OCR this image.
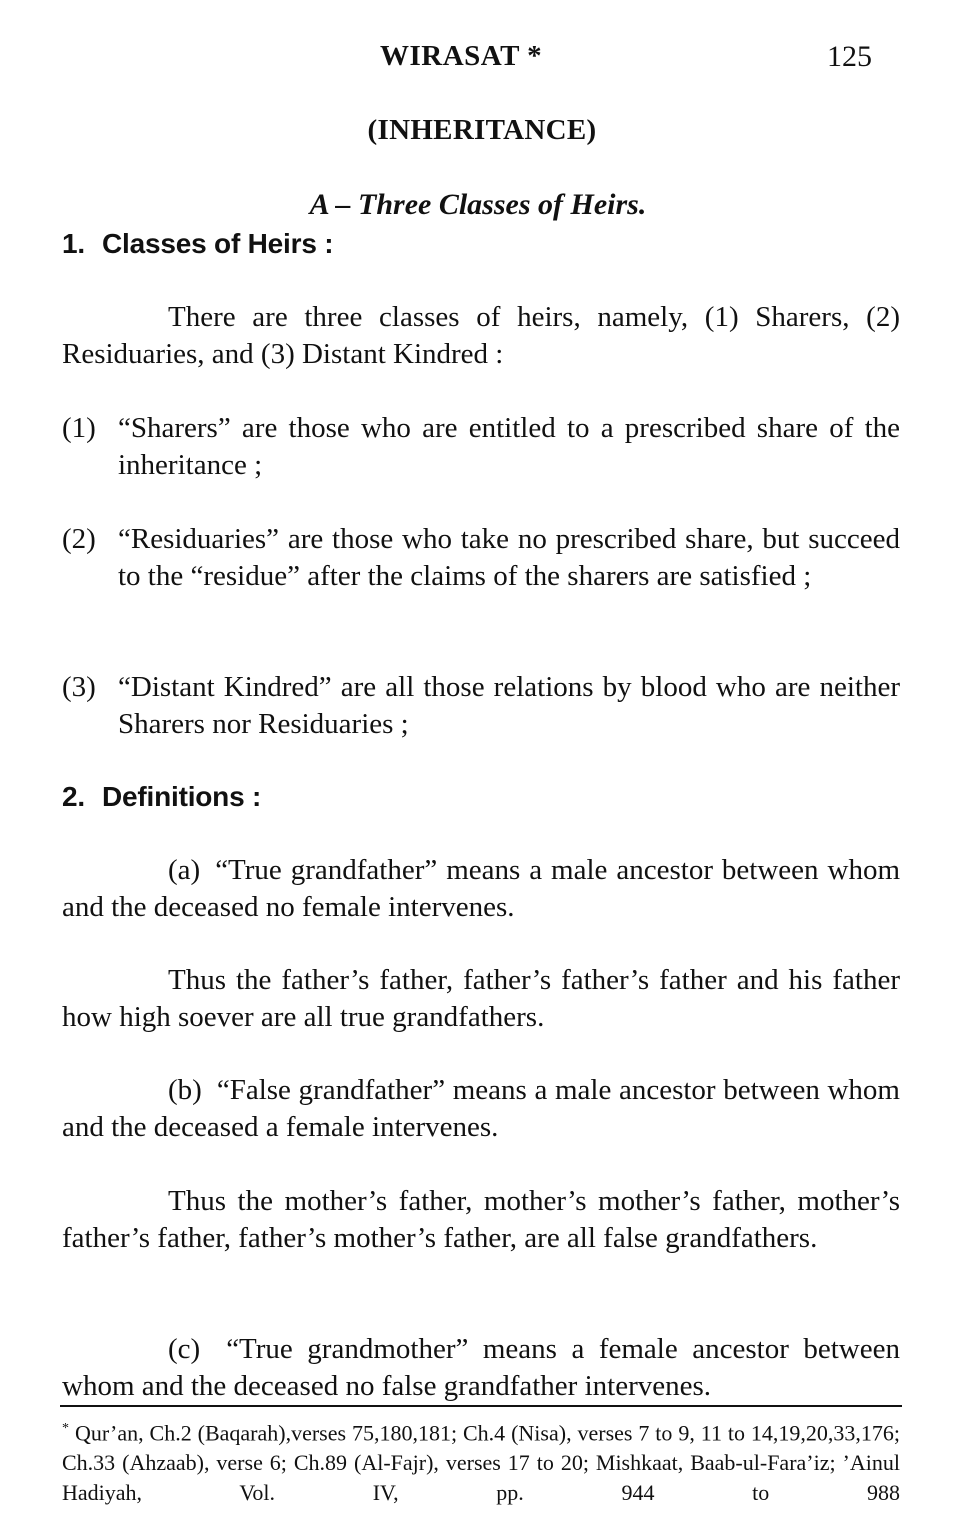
WIRASAT *	125
(INHERITANCE)
A – Three Classes of Heirs.
1. Classes of Heirs :
There are three classes of heirs, namely, (1) Sharers, (2) Residuaries, and (3) Distant Kindred :
(1) “Sharers” are those who are entitled to a prescribed share of the inheritance ;
(2) “Residuaries” are those who take no prescribed share, but succeed to the “residue” after the claims of the sharers are satisfied ;
(3) “Distant Kindred” are all those relations by blood who are neither Sharers nor Residuaries ;
2. Definitions :
(a) “True grandfather” means a male ancestor between whom and the deceased no female intervenes.
Thus the father’s father, father’s father’s father and his father how high soever are all true grandfathers.
(b) “False grandfather” means a male ancestor between whom and the deceased a female intervenes.
Thus the mother’s father, mother’s mother’s father, mother’s father’s father, father’s mother’s father, are all false grandfathers.
(c) “True grandmother” means a female ancestor between whom and the deceased no false grandfather intervenes.
* Qur’an, Ch.2 (Baqarah),verses 75,180,181; Ch.4 (Nisa), verses 7 to 9, 11 to 14,19,20,33,176; Ch.33 (Ahzaab), verse 6; Ch.89 (Al-Fajr), verses 17 to 20; Mishkaat, Baab-ul-Fara’iz; ’Ainul Hadiyah, Vol. IV, pp. 944 to 988
